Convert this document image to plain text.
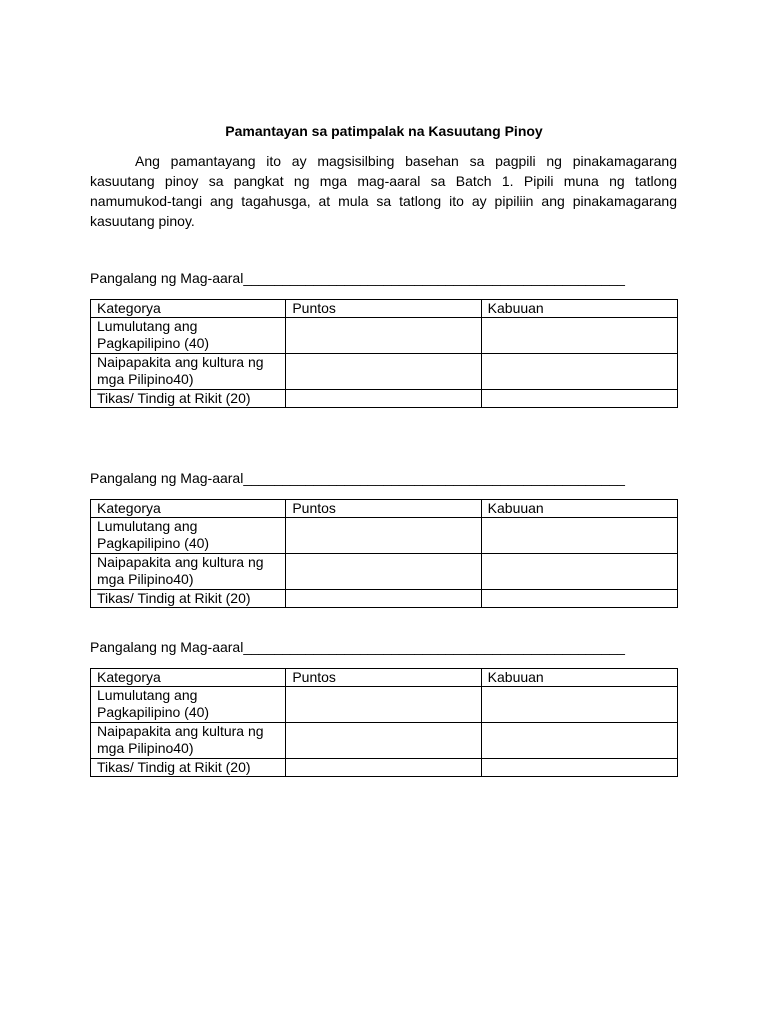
Pamantayan sa patimpalak na Kasuutang Pinoy

Ang pamantayang ito ay magsisilbing basehan sa pagpili ng pinakamagarang kasuutang pinoy sa pangkat ng mga mag-aaral sa Batch 1. Pipili muna ng tatlong namumukod-tangi ang tagahusga, at mula sa tatlong ito ay pipiliin ang pinakamagarang kasuutang pinoy.

Pangalang ng Mag-aaral_________________________________________________
Kategorya	Puntos	Kabuuan
Lumulutang ang Pagkapilipino (40)		
Naipapakita ang kultura ng mga Pilipino40)		
Tikas/ Tindig at Rikit (20)		
Pangalang ng Mag-aaral_________________________________________________
Kategorya	Puntos	Kabuuan
Lumulutang ang Pagkapilipino (40)		
Naipapakita ang kultura ng mga Pilipino40)		
Tikas/ Tindig at Rikit (20)		
Pangalang ng Mag-aaral_________________________________________________
Kategorya	Puntos	Kabuuan
Lumulutang ang Pagkapilipino (40)		
Naipapakita ang kultura ng mga Pilipino40)		
Tikas/ Tindig at Rikit (20)		
